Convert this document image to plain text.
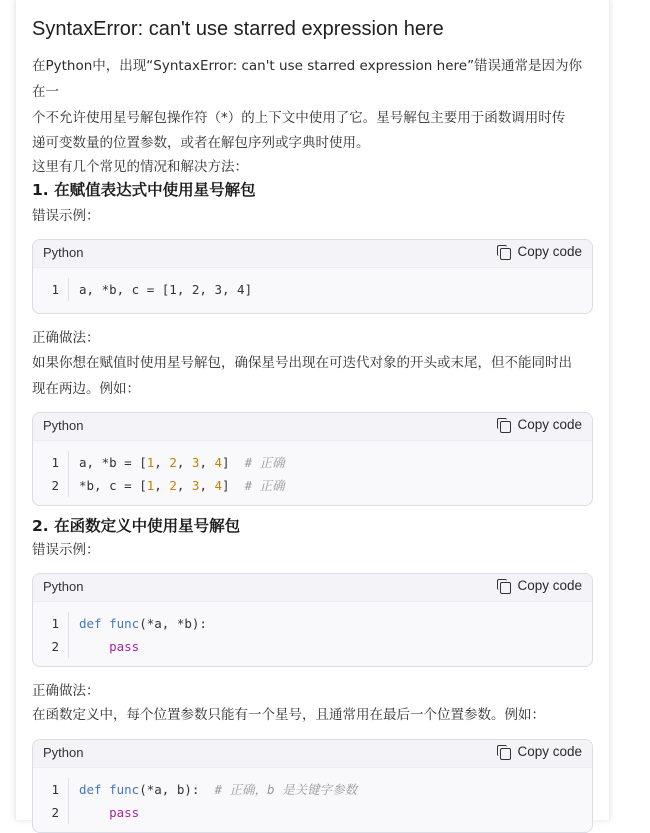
SyntaxError: can't use starred expression here

在Python中，出现“SyntaxError: can't use starred expression here”错误通常是因为你在一

个不允许使用星号解包操作符（*）的上下文中使用了它。星号解包主要用于函数调用时传

递可变数量的位置参数，或者在解包序列或字典时使用。

这里有几个常见的情况和解决方法：

1. 在赋值表达式中使用星号解包

错误示例：

Python	Copy code
1	a, *b, c = [1, 2, 3, 4]

正确做法：

如果你想在赋值时使用星号解包，确保星号出现在可迭代对象的开头或末尾，但不能同时出

现在两边。例如：

Python	Copy code
1	a, *b = [1, 2, 3, 4]  # 正确
2	*b, c = [1, 2, 3, 4]  # 正确

2. 在函数定义中使用星号解包

错误示例：

Python	Copy code
1	def func(*a, *b):
2	pass

正确做法：

在函数定义中，每个位置参数只能有一个星号，且通常用在最后一个位置参数。例如：

Python	Copy code
1	def func(*a, b):  # 正确，b 是关键字参数
2	pass
